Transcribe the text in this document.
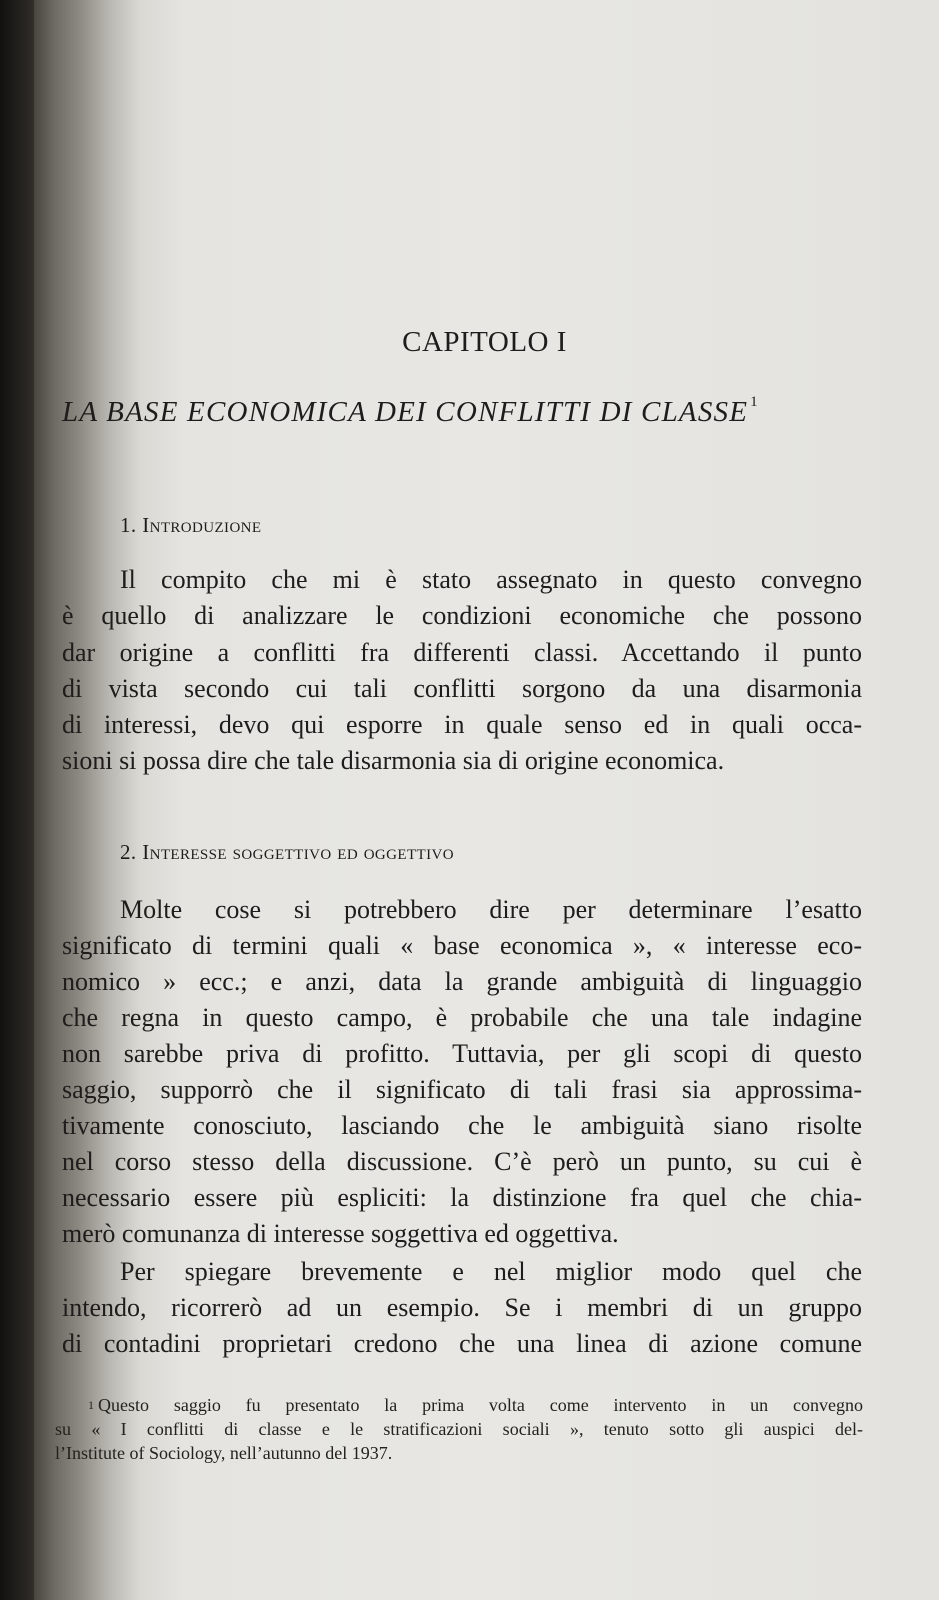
CAPITOLO I
LA BASE ECONOMICA DEI CONFLITTI DI CLASSE $^1$
1. Introduzione
Il compito che mi è stato assegnato in questo convegno
è quello di analizzare le condizioni economiche che possono
dar origine a conflitti fra differenti classi. Accettando il punto
di vista secondo cui tali conflitti sorgono da una disarmonia
di interessi, devo qui esporre in quale senso ed in quali occa-
sioni si possa dire che tale disarmonia sia di origine economica.
2. Interesse soggettivo ed oggettivo
Molte cose si potrebbero dire per determinare l’esatto
significato di termini quali « base economica », « interesse eco-
nomico » ecc.; e anzi, data la grande ambiguità di linguaggio
che regna in questo campo, è probabile che una tale indagine
non sarebbe priva di profitto. Tuttavia, per gli scopi di questo
saggio, supporrò che il significato di tali frasi sia approssima-
tivamente conosciuto, lasciando che le ambiguità siano risolte
nel corso stesso della discussione. C’è però un punto, su cui è
necessario essere più espliciti: la distinzione fra quel che chia-
merò comunanza di interesse soggettiva ed oggettiva.
Per spiegare brevemente e nel miglior modo quel che
intendo, ricorrerò ad un esempio. Se i membri di un gruppo
di contadini proprietari credono che una linea di azione comune
$^1$ Questo saggio fu presentato la prima volta come intervento in un convegno
su « I conflitti di classe e le stratificazioni sociali », tenuto sotto gli auspici del-
l’Institute of Sociology, nell’autunno del 1937.
